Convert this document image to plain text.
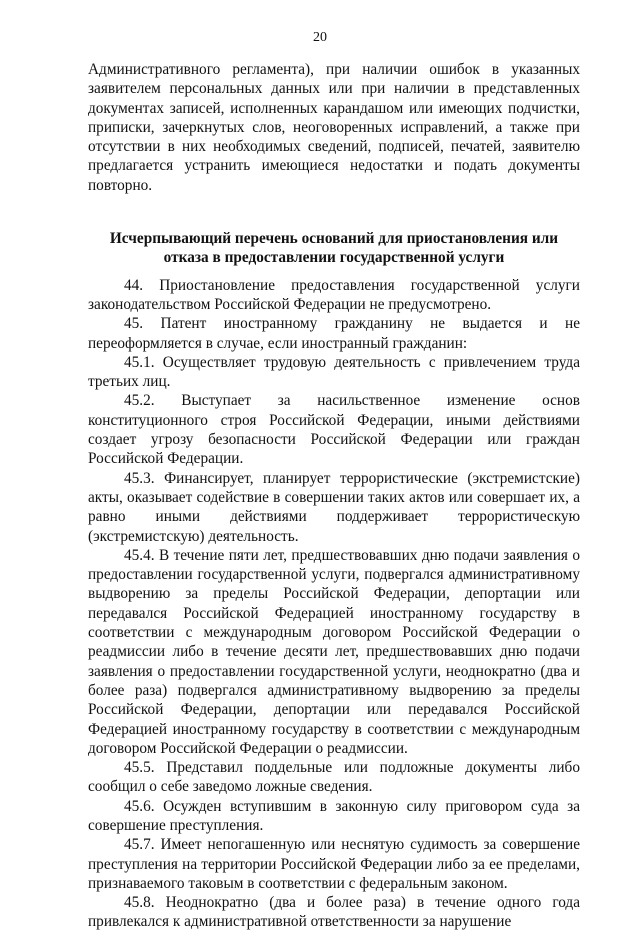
20

Административного регламента), при наличии ошибок в указанных заявителем персональных данных или при наличии в представленных документах записей, исполненных карандашом или имеющих подчистки, приписки, зачеркнутых слов, неоговоренных исправлений, а также при отсутствии в них необходимых сведений, подписей, печатей, заявителю предлагается устранить имеющиеся недостатки и подать документы повторно.

Исчерпывающий перечень оснований для приостановления или
отказа в предоставлении государственной услуги

44. Приостановление предоставления государственной услуги законодательством Российской Федерации не предусмотрено.

45. Патент иностранному гражданину не выдается и не переоформляется в случае, если иностранный гражданин:

45.1. Осуществляет трудовую деятельность с привлечением труда третьих лиц.

45.2. Выступает за насильственное изменение основ конституционного строя Российской Федерации, иными действиями создает угрозу безопасности Российской Федерации или граждан Российской Федерации.

45.3. Финансирует, планирует террористические (экстремистские) акты, оказывает содействие в совершении таких актов или совершает их, а равно иными действиями поддерживает террористическую (экстремистскую) деятельность.

45.4. В течение пяти лет, предшествовавших дню подачи заявления о предоставлении государственной услуги, подвергался административному выдворению за пределы Российской Федерации, депортации или передавался Российской Федерацией иностранному государству в соответствии с международным договором Российской Федерации о реадмиссии либо в течение десяти лет, предшествовавших дню подачи заявления о предоставлении государственной услуги, неоднократно (два и более раза) подвергался административному выдворению за пределы Российской Федерации, депортации или передавался Российской Федерацией иностранному государству в соответствии с международным договором Российской Федерации о реадмиссии.

45.5. Представил поддельные или подложные документы либо сообщил о себе заведомо ложные сведения.

45.6. Осужден вступившим в законную силу приговором суда за совершение преступления.

45.7. Имеет непогашенную или неснятую судимость за совершение преступления на территории Российской Федерации либо за ее пределами, признаваемого таковым в соответствии с федеральным законом.

45.8. Неоднократно (два и более раза) в течение одного года привлекался к административной ответственности за нарушение
